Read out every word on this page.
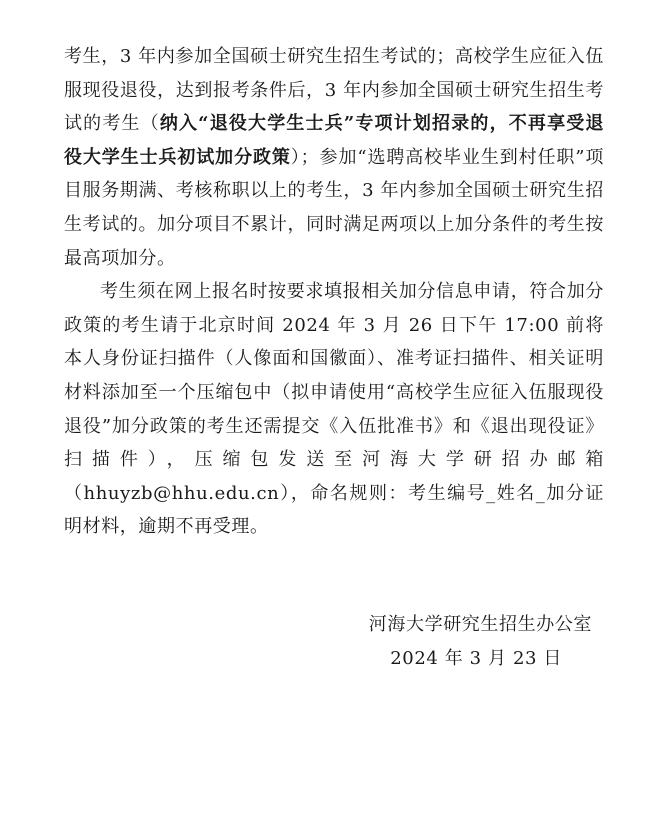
考生，3 年内参加全国硕士研究生招生考试的；高校学生应征入伍服现役退役，达到报考条件后，3 年内参加全国硕士研究生招生考试的考生（纳入“退役大学生士兵”专项计划招录的，不再享受退役大学生士兵初试加分政策）；参加“选聘高校毕业生到村任职”项目服务期满、考核称职以上的考生，3 年内参加全国硕士研究生招生考试的。加分项目不累计，同时满足两项以上加分条件的考生按最高项加分。

考生须在网上报名时按要求填报相关加分信息申请，符合加分政策的考生请于北京时间 2024 年 3 月 26 日下午 17:00 前将本人身份证扫描件（人像面和国徽面）、准考证扫描件、相关证明材料添加至一个压缩包中（拟申请使用“高校学生应征入伍服现役退役”加分政策的考生还需提交《入伍批准书》和《退出现役证》扫描件），压缩包发送至河海大学研招办邮箱（hhuyzb@hhu.edu.cn），命名规则：考生编号_姓名_加分证明材料，逾期不再受理。

河海大学研究生招生办公室
2024 年 3 月 23 日
